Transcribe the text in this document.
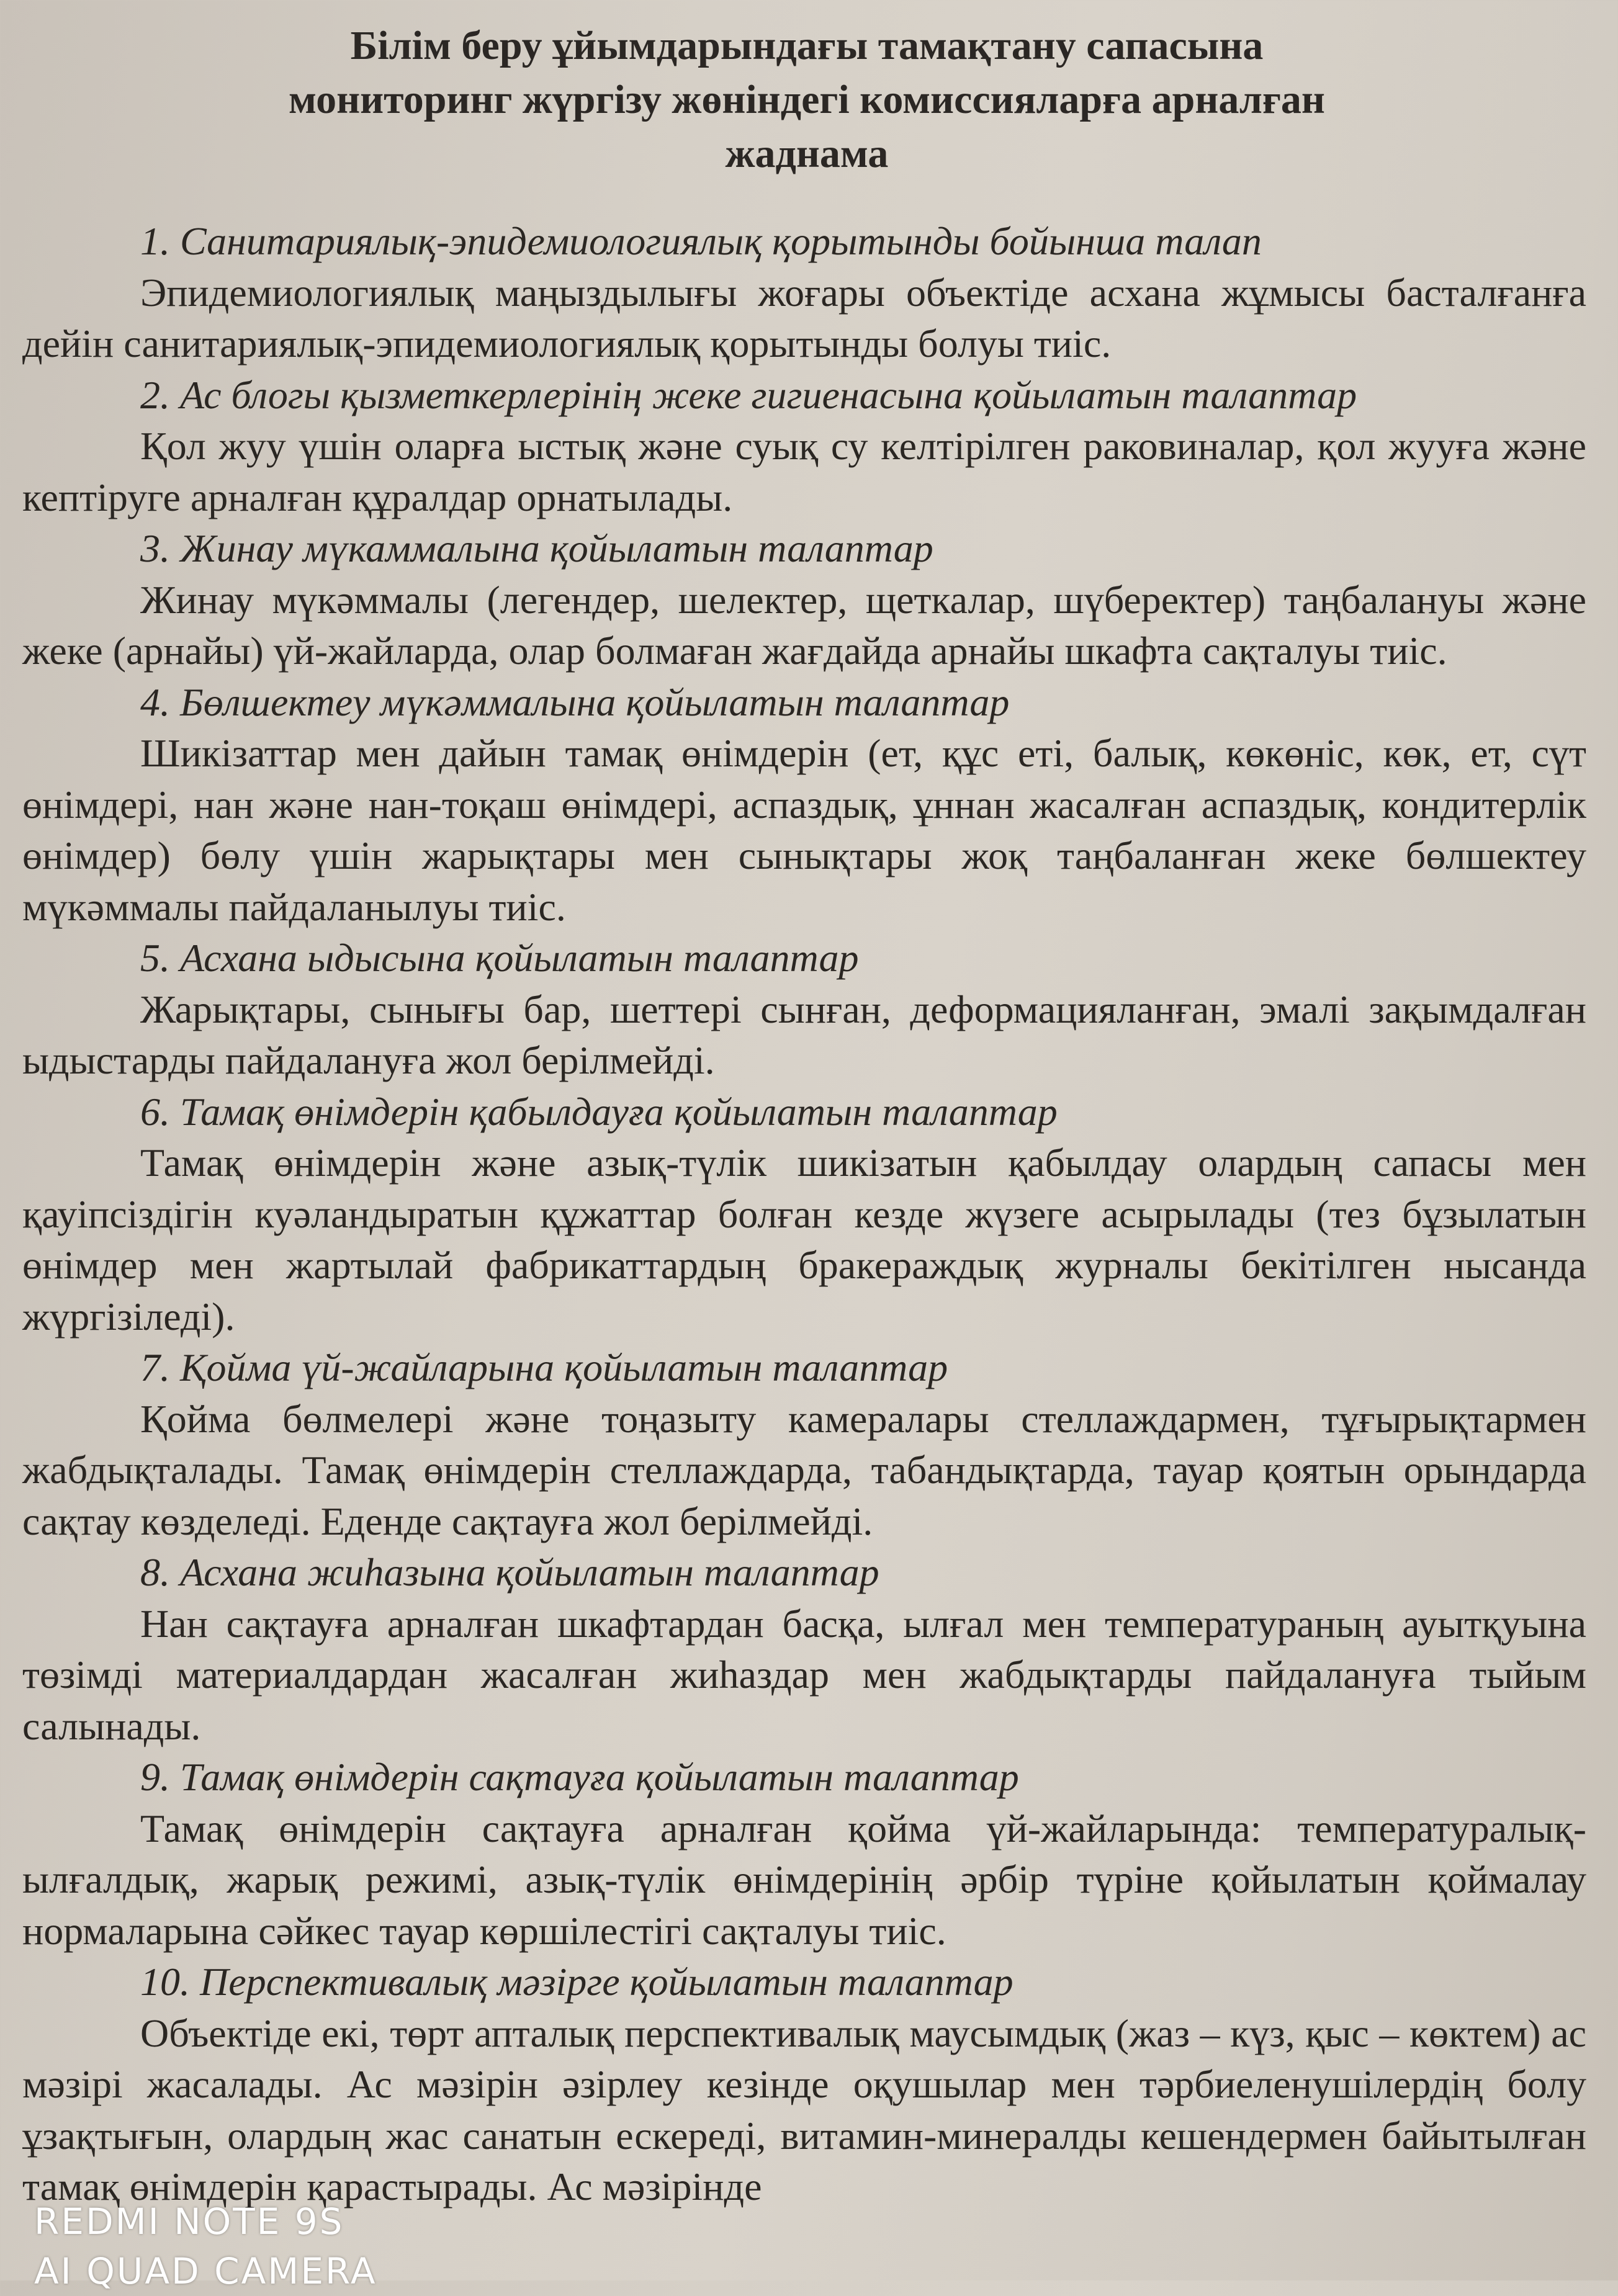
Білім беру ұйымдарындағы тамақтану сапасына
мониторинг жүргізу жөніндегі комиссияларға арналған
жаднама

1. Санитариялық-эпидемиологиялық қорытынды бойынша талап

Эпидемиологиялық маңыздылығы жоғары объектіде асхана жұмысы басталғанға дейін санитариялық-эпидемиологиялық қорытынды болуы тиіс.

2. Ас блогы қызметкерлерінің жеке гигиенасына қойылатын талаптар

Қол жуу үшін оларға ыстық және суық су келтірілген раковиналар, қол жууға және кептіруге арналған құралдар орнатылады.

3. Жинау мүкаммалына қойылатын талаптар

Жинау мүкәммалы (легендер, шелектер, щеткалар, шүберектер) таңбалануы және жеке (арнайы) үй-жайларда, олар болмаған жағдайда арнайы шкафта сақталуы тиіс.

4. Бөлшектеу мүкәммалына қойылатын талаптар

Шикізаттар мен дайын тамақ өнімдерін (ет, құс еті, балық, көкөніс, көк, ет, сүт өнімдері, нан және нан-тоқаш өнімдері, аспаздық, ұннан жасалған аспаздық, кондитерлік өнімдер) бөлу үшін жарықтары мен сынықтары жоқ таңбаланған жеке бөлшектеу мүкәммалы пайдаланылуы тиіс.

5. Асхана ыдысына қойылатын талаптар

Жарықтары, сынығы бар, шеттері сынған, деформацияланған, эмалі зақымдалған ыдыстарды пайдалануға жол берілмейді.

6. Тамақ өнімдерін қабылдауға қойылатын талаптар

Тамақ өнімдерін және азық-түлік шикізатын қабылдау олардың сапасы мен қауіпсіздігін куәландыратын құжаттар болған кезде жүзеге асырылады (тез бұзылатын өнімдер мен жартылай фабрикаттардың бракераждық журналы бекітілген нысанда жүргізіледі).

7. Қойма үй-жайларына қойылатын талаптар

Қойма бөлмелері және тоңазыту камералары стеллаждармен, тұғырықтармен жабдықталады. Тамақ өнімдерін стеллаждарда, табандықтарда, тауар қоятын орындарда сақтау көзделеді. Еденде сақтауға жол берілмейді.

8. Асхана жиһазына қойылатын талаптар

Нан сақтауға арналған шкафтардан басқа, ылғал мен температураның ауытқуына төзімді материалдардан жасалған жиһаздар мен жабдықтарды пайдалануға тыйым салынады.

9. Тамақ өнімдерін сақтауға қойылатын талаптар

Тамақ өнімдерін сақтауға арналған қойма үй-жайларында: температуралық-ылғалдық, жарық режимі, азық-түлік өнімдерінің әрбір түріне қойылатын қоймалау нормаларына сәйкес тауар көршілестігі сақталуы тиіс.

10. Перспективалық мәзірге қойылатын талаптар

Объектіде екі, төрт апталық перспективалық маусымдық (жаз – күз, қыс – көктем) ас мәзірі жасалады. Ас мәзірін әзірлеу кезінде оқушылар мен тәрбиеленушілердің болу ұзақтығын, олардың жас санатын ескереді, витамин-минералды кешендермен байытылған тамақ өнімдерін қарастырады. Ас мәзірінде

REDMI NOTE 9S
AI QUAD CAMERA
